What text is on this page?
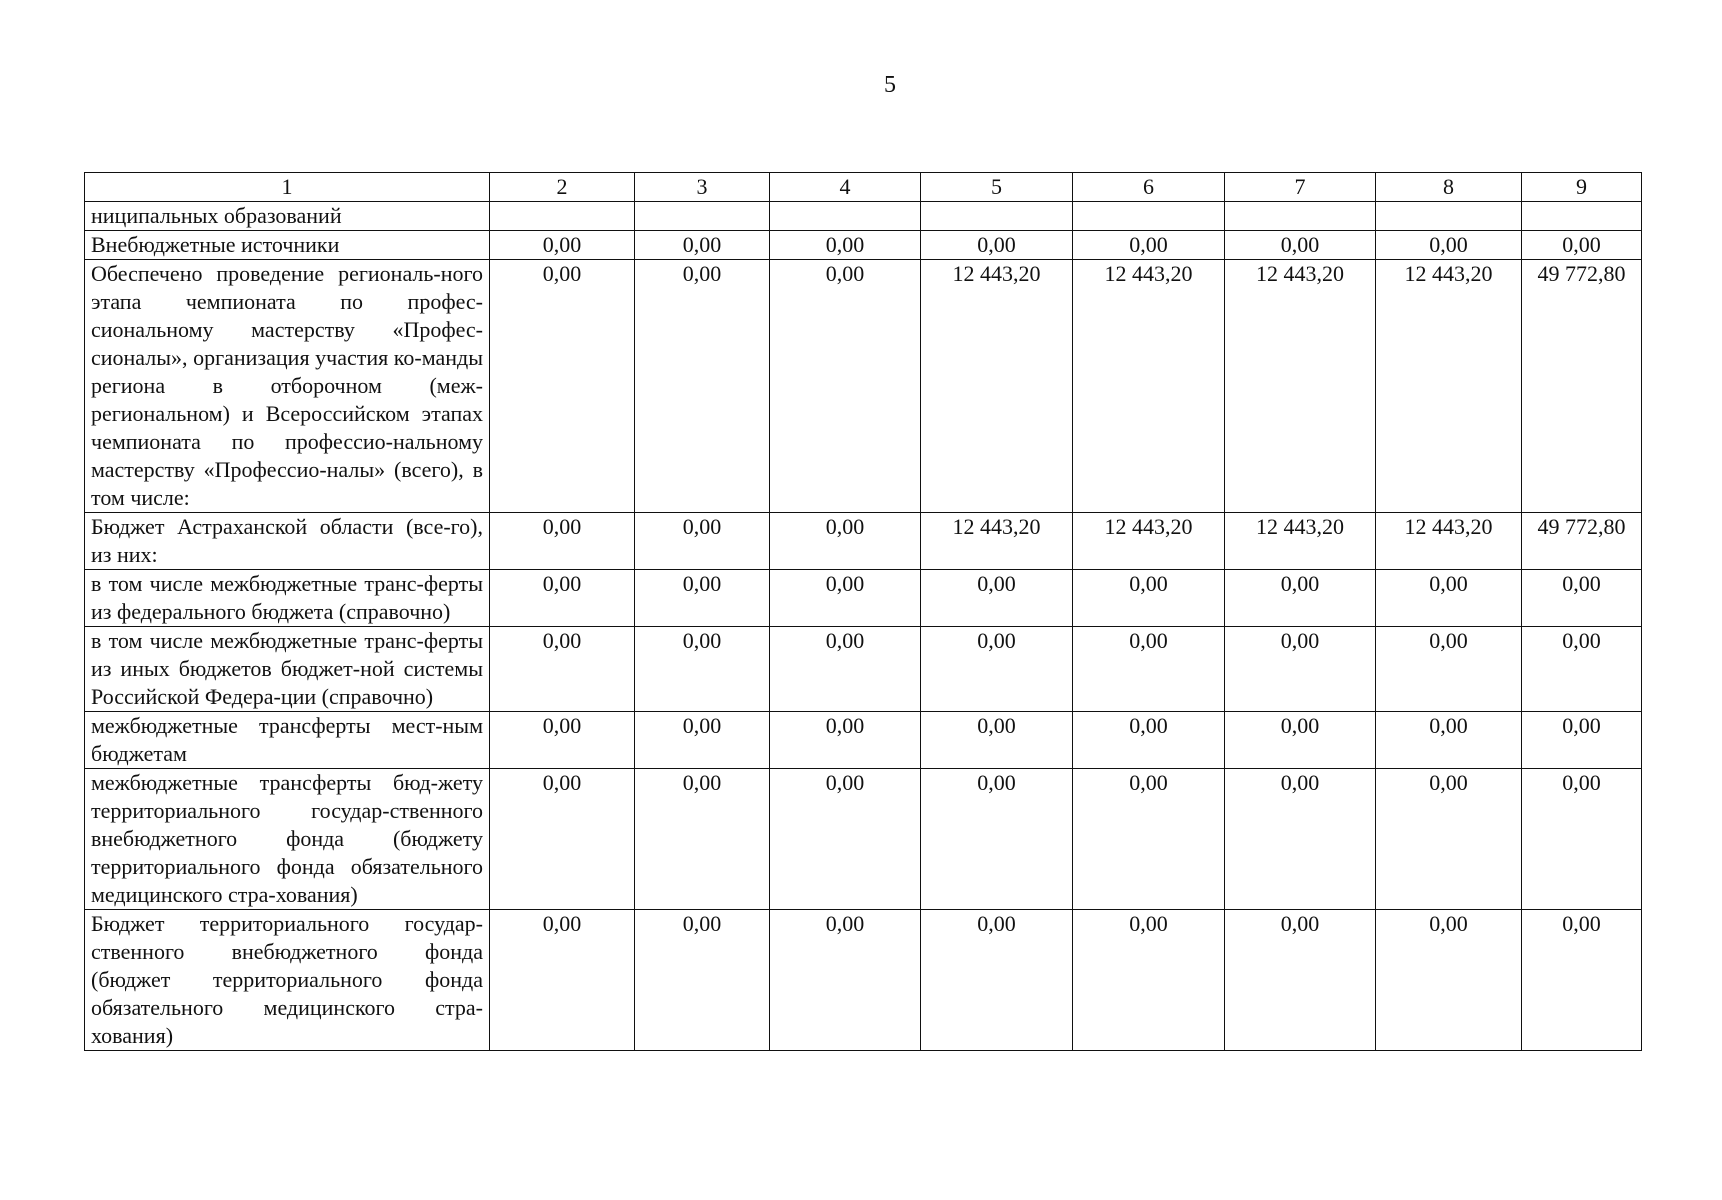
5
1	2	3	4	5	6	7	8	9
ниципальных образований								
Внебюджетные источники	0,00	0,00	0,00	0,00	0,00	0,00	0,00	0,00
Обеспечено проведение региональ-ного этапа чемпионата по профес-сиональному мастерству «Профес-сионалы», организация участия ко-манды региона в отборочном (меж-региональном) и Всероссийском этапах чемпионата по профессио-нальному мастерству «Профессио-налы» (всего), в том числе:	0,00	0,00	0,00	12 443,20	12 443,20	12 443,20	12 443,20	49 772,80
Бюджет Астраханской области (все-го), из них:	0,00	0,00	0,00	12 443,20	12 443,20	12 443,20	12 443,20	49 772,80
в том числе межбюджетные транс-ферты из федерального бюджета (справочно)	0,00	0,00	0,00	0,00	0,00	0,00	0,00	0,00
в том числе межбюджетные транс-ферты из иных бюджетов бюджет-ной системы Российской Федера-ции (справочно)	0,00	0,00	0,00	0,00	0,00	0,00	0,00	0,00
межбюджетные трансферты мест-ным бюджетам	0,00	0,00	0,00	0,00	0,00	0,00	0,00	0,00
межбюджетные трансферты бюд-жету территориального государ-ственного внебюджетного фонда (бюджету территориального фонда обязательного медицинского стра-хования)	0,00	0,00	0,00	0,00	0,00	0,00	0,00	0,00
Бюджет территориального государ-ственного внебюджетного фонда (бюджет территориального фонда обязательного медицинского стра-хования)	0,00	0,00	0,00	0,00	0,00	0,00	0,00	0,00
